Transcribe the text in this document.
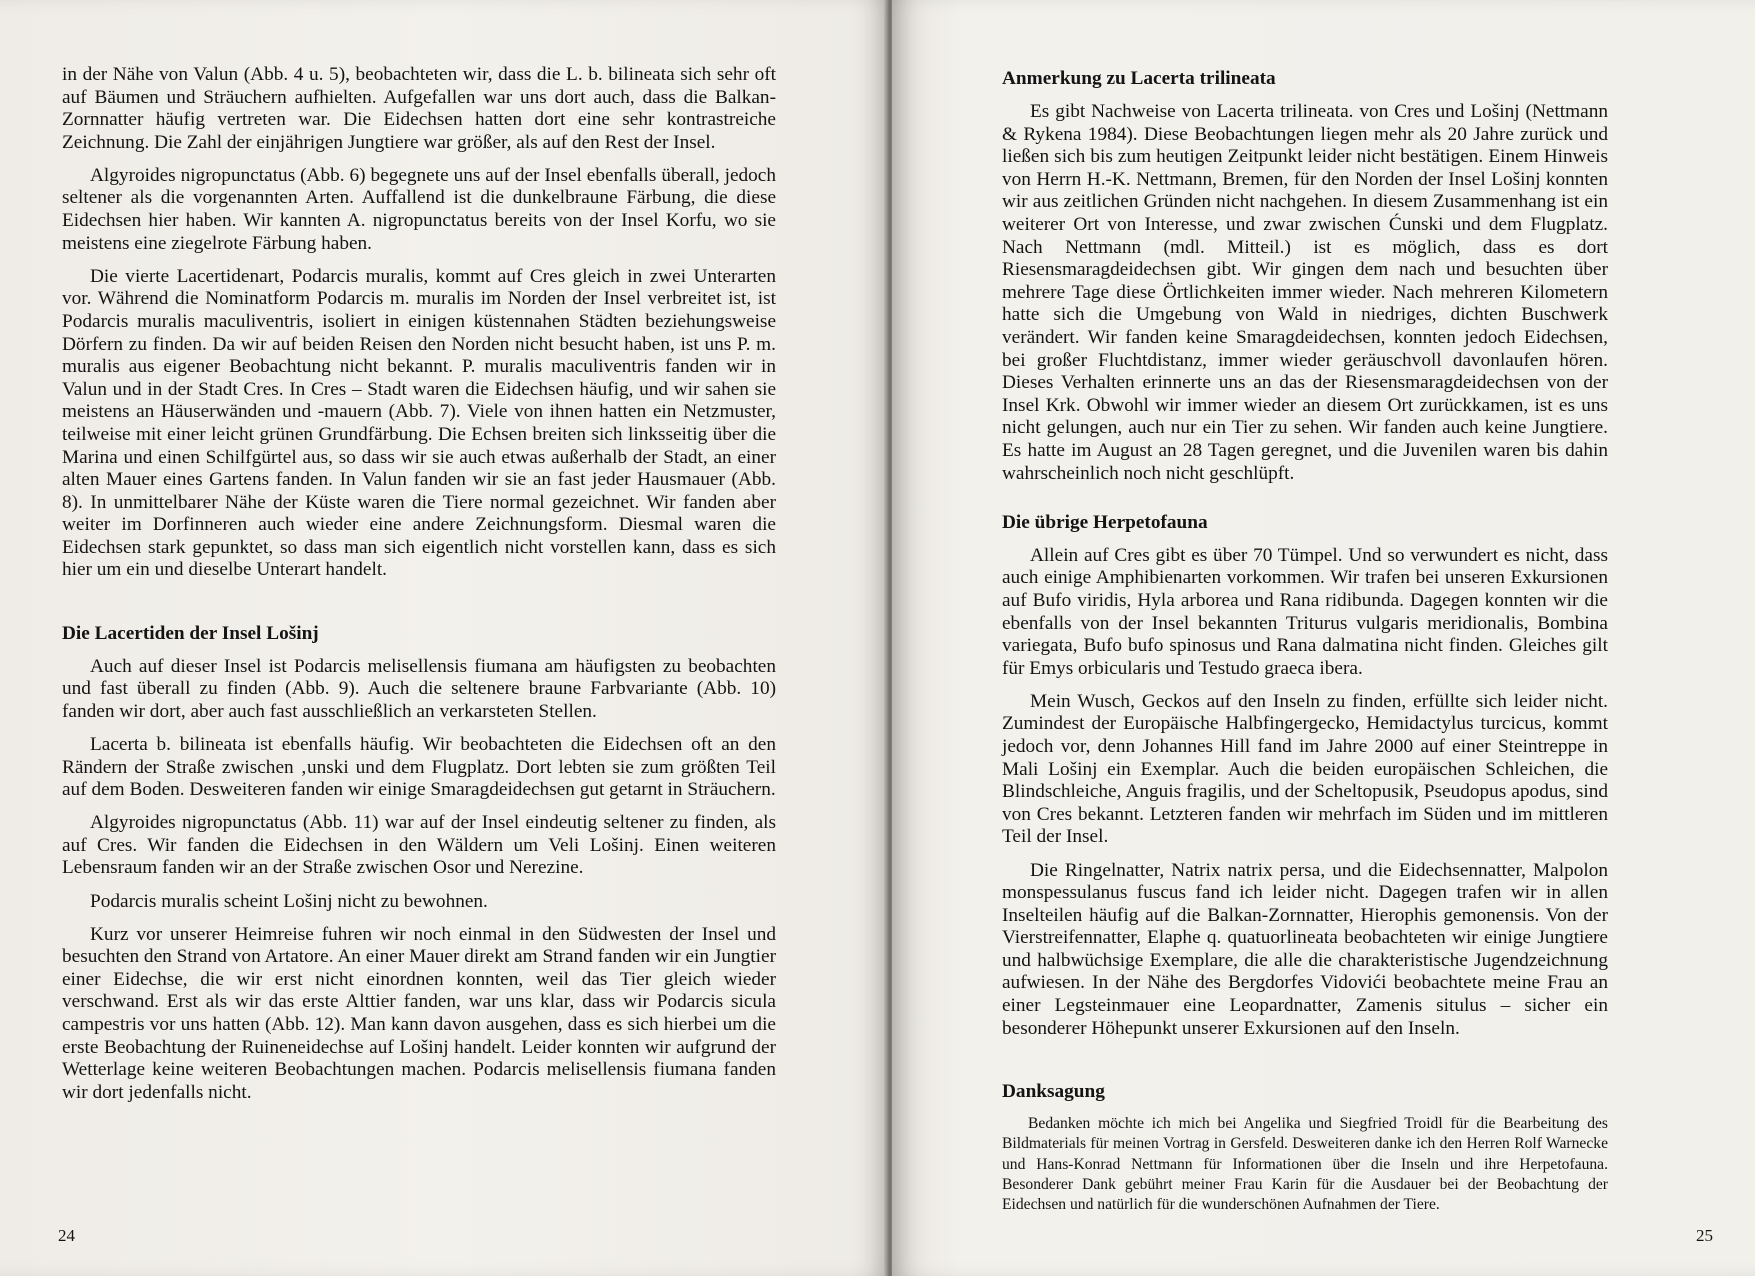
in der Nähe von Valun (Abb. 4 u. 5), beobachteten wir, dass die L. b. bilineata sich sehr oft auf Bäumen und Sträuchern aufhielten. Aufgefallen war uns dort auch, dass die Balkan-Zornnatter häufig vertreten war. Die Eidechsen hatten dort eine sehr kontrastreiche Zeichnung. Die Zahl der einjährigen Jungtiere war größer, als auf den Rest der Insel.

Algyroides nigropunctatus (Abb. 6) begegnete uns auf der Insel ebenfalls überall, jedoch seltener als die vorgenannten Arten. Auffallend ist die dunkelbraune Färbung, die diese Eidechsen hier haben. Wir kannten A. nigropunctatus bereits von der Insel Korfu, wo sie meistens eine ziegelrote Färbung haben.

Die vierte Lacertidenart, Podarcis muralis, kommt auf Cres gleich in zwei Unterarten vor. Während die Nominatform Podarcis m. muralis im Norden der Insel verbreitet ist, ist Podarcis muralis maculiventris, isoliert in einigen küstennahen Städten beziehungsweise Dörfern zu finden. Da wir auf beiden Reisen den Norden nicht besucht haben, ist uns P. m. muralis aus eigener Beobachtung nicht bekannt. P. muralis maculiventris fanden wir in Valun und in der Stadt Cres. In Cres – Stadt waren die Eidechsen häufig, und wir sahen sie meistens an Häuserwänden und -mauern (Abb. 7). Viele von ihnen hatten ein Netzmuster, teilweise mit einer leicht grünen Grundfärbung. Die Echsen breiten sich linksseitig über die Marina und einen Schilfgürtel aus, so dass wir sie auch etwas außerhalb der Stadt, an einer alten Mauer eines Gartens fanden. In Valun fanden wir sie an fast jeder Hausmauer (Abb. 8). In unmittelbarer Nähe der Küste waren die Tiere normal gezeichnet. Wir fanden aber weiter im Dorfinneren auch wieder eine andere Zeichnungsform. Diesmal waren die Eidechsen stark gepunktet, so dass man sich eigentlich nicht vorstellen kann, dass es sich hier um ein und dieselbe Unterart handelt.

Die Lacertiden der Insel Lošinj

Auch auf dieser Insel ist Podarcis melisellensis fiumana am häufigsten zu beobachten und fast überall zu finden (Abb. 9). Auch die seltenere braune Farbvariante (Abb. 10) fanden wir dort, aber auch fast ausschließlich an verkarsteten Stellen.

Lacerta b. bilineata ist ebenfalls häufig. Wir beobachteten die Eidechsen oft an den Rändern der Straße zwischen ‚unski und dem Flugplatz. Dort lebten sie zum größten Teil auf dem Boden. Desweiteren fanden wir einige Smaragdeidechsen gut getarnt in Sträuchern.

Algyroides nigropunctatus (Abb. 11) war auf der Insel eindeutig seltener zu finden, als auf Cres. Wir fanden die Eidechsen in den Wäldern um Veli Lošinj. Einen weiteren Lebensraum fanden wir an der Straße zwischen Osor und Nerezine.

Podarcis muralis scheint Lošinj nicht zu bewohnen.

Kurz vor unserer Heimreise fuhren wir noch einmal in den Südwesten der Insel und besuchten den Strand von Artatore. An einer Mauer direkt am Strand fanden wir ein Jungtier einer Eidechse, die wir erst nicht einordnen konnten, weil das Tier gleich wieder verschwand. Erst als wir das erste Alttier fanden, war uns klar, dass wir Podarcis sicula campestris vor uns hatten (Abb. 12). Man kann davon ausgehen, dass es sich hierbei um die erste Beobachtung der Ruineneidechse auf Lošinj handelt. Leider konnten wir aufgrund der Wetterlage keine weiteren Beobachtungen machen. Podarcis melisellensis fiumana fanden wir dort jedenfalls nicht.

24
Anmerkung zu Lacerta trilineata

Es gibt Nachweise von Lacerta trilineata. von Cres und Lošinj (Nettmann & Rykena 1984). Diese Beobachtungen liegen mehr als 20 Jahre zurück und ließen sich bis zum heutigen Zeitpunkt leider nicht bestätigen. Einem Hinweis von Herrn H.-K. Nettmann, Bremen, für den Norden der Insel Lošinj konnten wir aus zeitlichen Gründen nicht nachgehen. In diesem Zusammenhang ist ein weiterer Ort von Interesse, und zwar zwischen Ćunski und dem Flugplatz. Nach Nettmann (mdl. Mitteil.) ist es möglich, dass es dort Riesensmaragdeidechsen gibt. Wir gingen dem nach und besuchten über mehrere Tage diese Örtlichkeiten immer wieder. Nach mehreren Kilometern hatte sich die Umgebung von Wald in niedriges, dichten Buschwerk verändert. Wir fanden keine Smaragdeidechsen, konnten jedoch Eidechsen, bei großer Fluchtdistanz, immer wieder geräuschvoll davonlaufen hören. Dieses Verhalten erinnerte uns an das der Riesensmaragdeidechsen von der Insel Krk. Obwohl wir immer wieder an diesem Ort zurückkamen, ist es uns nicht gelungen, auch nur ein Tier zu sehen. Wir fanden auch keine Jungtiere. Es hatte im August an 28 Tagen geregnet, und die Juvenilen waren bis dahin wahrscheinlich noch nicht geschlüpft.

Die übrige Herpetofauna

Allein auf Cres gibt es über 70 Tümpel. Und so verwundert es nicht, dass auch einige Amphibienarten vorkommen. Wir trafen bei unseren Exkursionen auf Bufo viridis, Hyla arborea und Rana ridibunda. Dagegen konnten wir die ebenfalls von der Insel bekannten Triturus vulgaris meridionalis, Bombina variegata, Bufo bufo spinosus und Rana dalmatina nicht finden. Gleiches gilt für Emys orbicularis und Testudo graeca ibera.

Mein Wusch, Geckos auf den Inseln zu finden, erfüllte sich leider nicht. Zumindest der Europäische Halbfingergecko, Hemidactylus turcicus, kommt jedoch vor, denn Johannes Hill fand im Jahre 2000 auf einer Steintreppe in Mali Lošinj ein Exemplar. Auch die beiden europäischen Schleichen, die Blindschleiche, Anguis fragilis, und der Scheltopusik, Pseudopus apodus, sind von Cres bekannt. Letzteren fanden wir mehrfach im Süden und im mittleren Teil der Insel.

Die Ringelnatter, Natrix natrix persa, und die Eidechsennatter, Malpolon monspessulanus fuscus fand ich leider nicht. Dagegen trafen wir in allen Inselteilen häufig auf die Balkan-Zornnatter, Hierophis gemonensis. Von der Vierstreifennatter, Elaphe q. quatuorlineata beobachteten wir einige Jungtiere und halbwüchsige Exemplare, die alle die charakteristische Jugendzeichnung aufwiesen. In der Nähe des Bergdorfes Vidovići beobachtete meine Frau an einer Legsteinmauer eine Leopardnatter, Zamenis situlus – sicher ein besonderer Höhepunkt unserer Exkursionen auf den Inseln.

Danksagung

Bedanken möchte ich mich bei Angelika und Siegfried Troidl für die Bearbeitung des Bildmaterials für meinen Vortrag in Gersfeld. Desweiteren danke ich den Herren Rolf Warnecke und Hans-Konrad Nettmann für Informationen über die Inseln und ihre Herpetofauna. Besonderer Dank gebührt meiner Frau Karin für die Ausdauer bei der Beobachtung der Eidechsen und natürlich für die wunderschönen Aufnahmen der Tiere.

25
